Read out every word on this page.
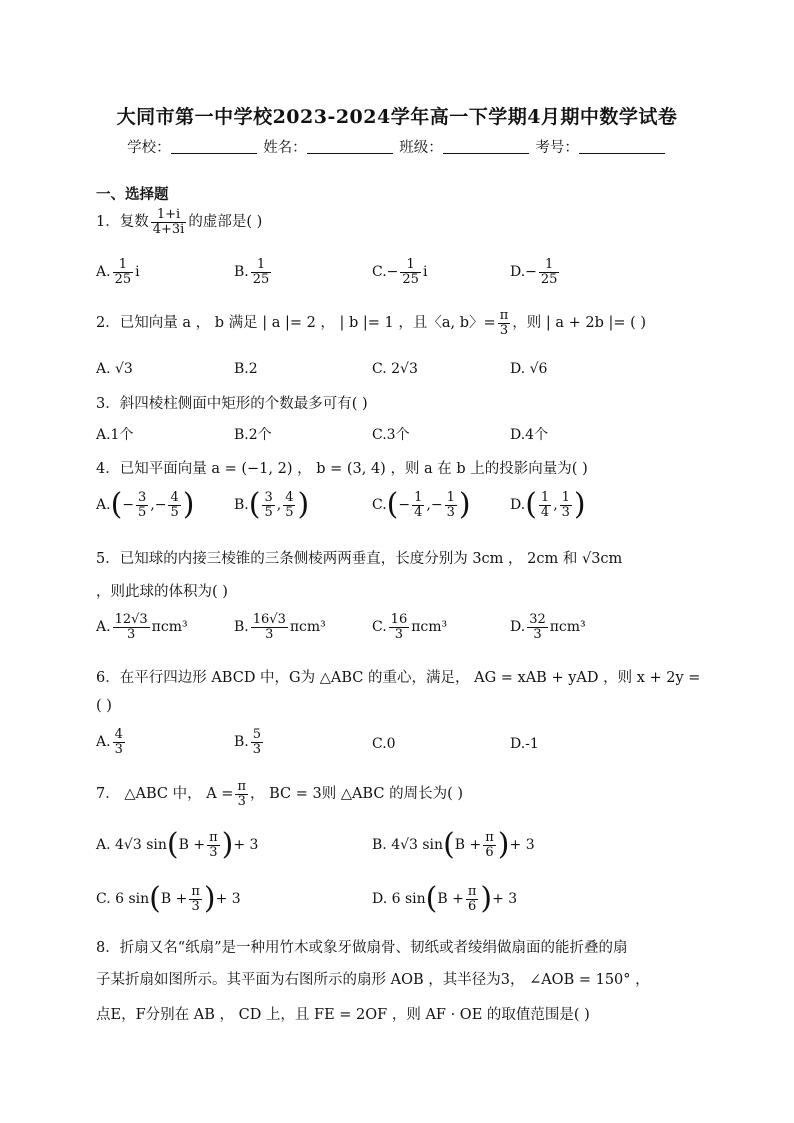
大同市第一中学校2023-2024学年高一下学期4月期中数学试卷
学校：	姓名：	班级：	考号：
一、选择题
1．复数 $\frac{1+i}{4+3i}$ 的虚部是( )
A. $\frac{1}{25}$ i	B. $\frac{1}{25}$	$C.- \frac{1}{25}$ i	$D.- \frac{1}{25}$
2．已知向量 a ， b 满足 | a |= 2 ， | b |= 1 ，且〈a, b〉= $\frac{\pi}{3}$ ，则 | a + 2b |= ( )
A. √3	B.2	C. 2√3	D. √6
3．斜四棱柱侧面中矩形的个数最多可有( )
A.1个	B.2个	C.3个	D.4个
4．已知平面向量 a = (−1, 2) ， b = (3, 4) ，则 a 在 b 上的投影向量为( )
$A.(- \frac{3}{5}$ ,− $\frac{4}{5}$ )	$B.( \frac{3}{5}$ , $\frac{4}{5}$ )	$C.(- \frac{1}{4}$ ,− $\frac{1}{3}$ )	$D.( \frac{1}{4}$ , $\frac{1}{3}$ )
5．已知球的内接三棱锥的三条侧棱两两垂直，长度分别为 3cm ， 2cm 和 √3cm
，则此球的体积为( )
A. $\frac{12√3}{3} \pi cm^3$	B. $\frac{16√3}{3} \pi cm^3$	C. $\frac{16}{3} \pi cm^3$	D. $\frac{32}{3} \pi cm^3$
6．在平行四边形 ABCD 中，G为 △ABC 的重心，满足， AG = xAB + yAD ，则 x + 2y =
( )
A. $\frac{4}{3}$	B. $\frac{5}{3}$	C.0	D.-1
7． △ABC 中， $A = \frac{\pi}{3}$ ， BC = 3则 △ABC 的周长为( )
A. 4√3 $\sin(B + \frac{\pi}{3}$ )+ 3	B. 4√3 $\sin(B + \frac{\pi}{6}$ )+ 3
C. 6 $\sin(B + \frac{\pi}{3}$ )+ 3	D. 6 $\sin(B + \frac{\pi}{6}$ )+ 3
8．折扇又名“纸扇”是一种用竹木或象牙做扇骨、韧纸或者绫绢做扇面的能折叠的扇
子某折扇如图所示。其平面为右图所示的扇形 AOB ，其半径为3， ∠AOB = 150° ，
点E，F分别在 AB ， CD 上，且 FE = 2OF ，则 AF · OE 的取值范围是( )
